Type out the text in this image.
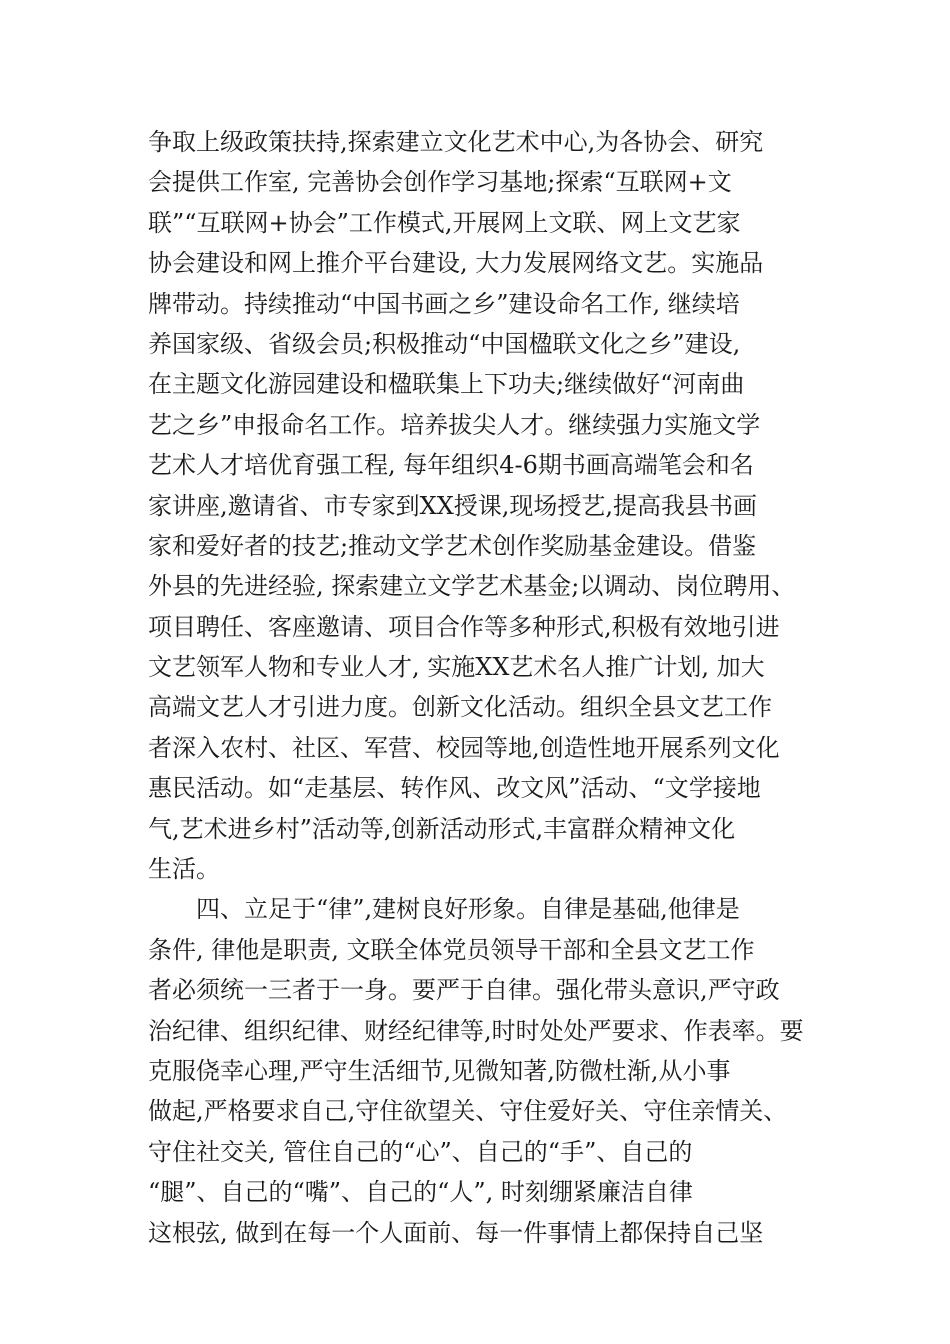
争取上级政策扶持,探索建立文化艺术中心,为各协会、研究
会提供工作室, 完善协会创作学习基地;探索“互联网+文
联”“互联网+协会”工作模式,开展网上文联、网上文艺家
协会建设和网上推介平台建设, 大力发展网络文艺。实施品
牌带动。持续推动“中国书画之乡”建设命名工作, 继续培
养国家级、省级会员;积极推动“中国楹联文化之乡”建设,
在主题文化游园建设和楹联集上下功夫;继续做好“河南曲
艺之乡”申报命名工作。培养拔尖人才。继续强力实施文学
艺术人才培优育强工程, 每年组织4-6期书画高端笔会和名
家讲座,邀请省、市专家到XX授课,现场授艺,提高我县书画
家和爱好者的技艺;推动文学艺术创作奖励基金建设。借鉴
外县的先进经验, 探索建立文学艺术基金;以调动、岗位聘用、
项目聘任、客座邀请、项目合作等多种形式,积极有效地引进
文艺领军人物和专业人才, 实施XX艺术名人推广计划, 加大
高端文艺人才引进力度。创新文化活动。组织全县文艺工作
者深入农村、社区、军营、校园等地,创造性地开展系列文化
惠民活动。如“走基层、转作风、改文风”活动、“文学接地
气,艺术进乡村”活动等,创新活动形式,丰富群众精神文化
生活。
　　四、立足于“律”,建树良好形象。自律是基础,他律是
条件, 律他是职责, 文联全体党员领导干部和全县文艺工作
者必须统一三者于一身。要严于自律。强化带头意识,严守政
治纪律、组织纪律、财经纪律等,时时处处严要求、作表率。要
克服侥幸心理,严守生活细节,见微知著,防微杜渐,从小事
做起,严格要求自己,守住欲望关、守住爱好关、守住亲情关、
守住社交关, 管住自己的“心”、自己的“手”、自己的
“腿”、自己的“嘴”、自己的“人”, 时刻绷紧廉洁自律
这根弦, 做到在每一个人面前、每一件事情上都保持自己坚
